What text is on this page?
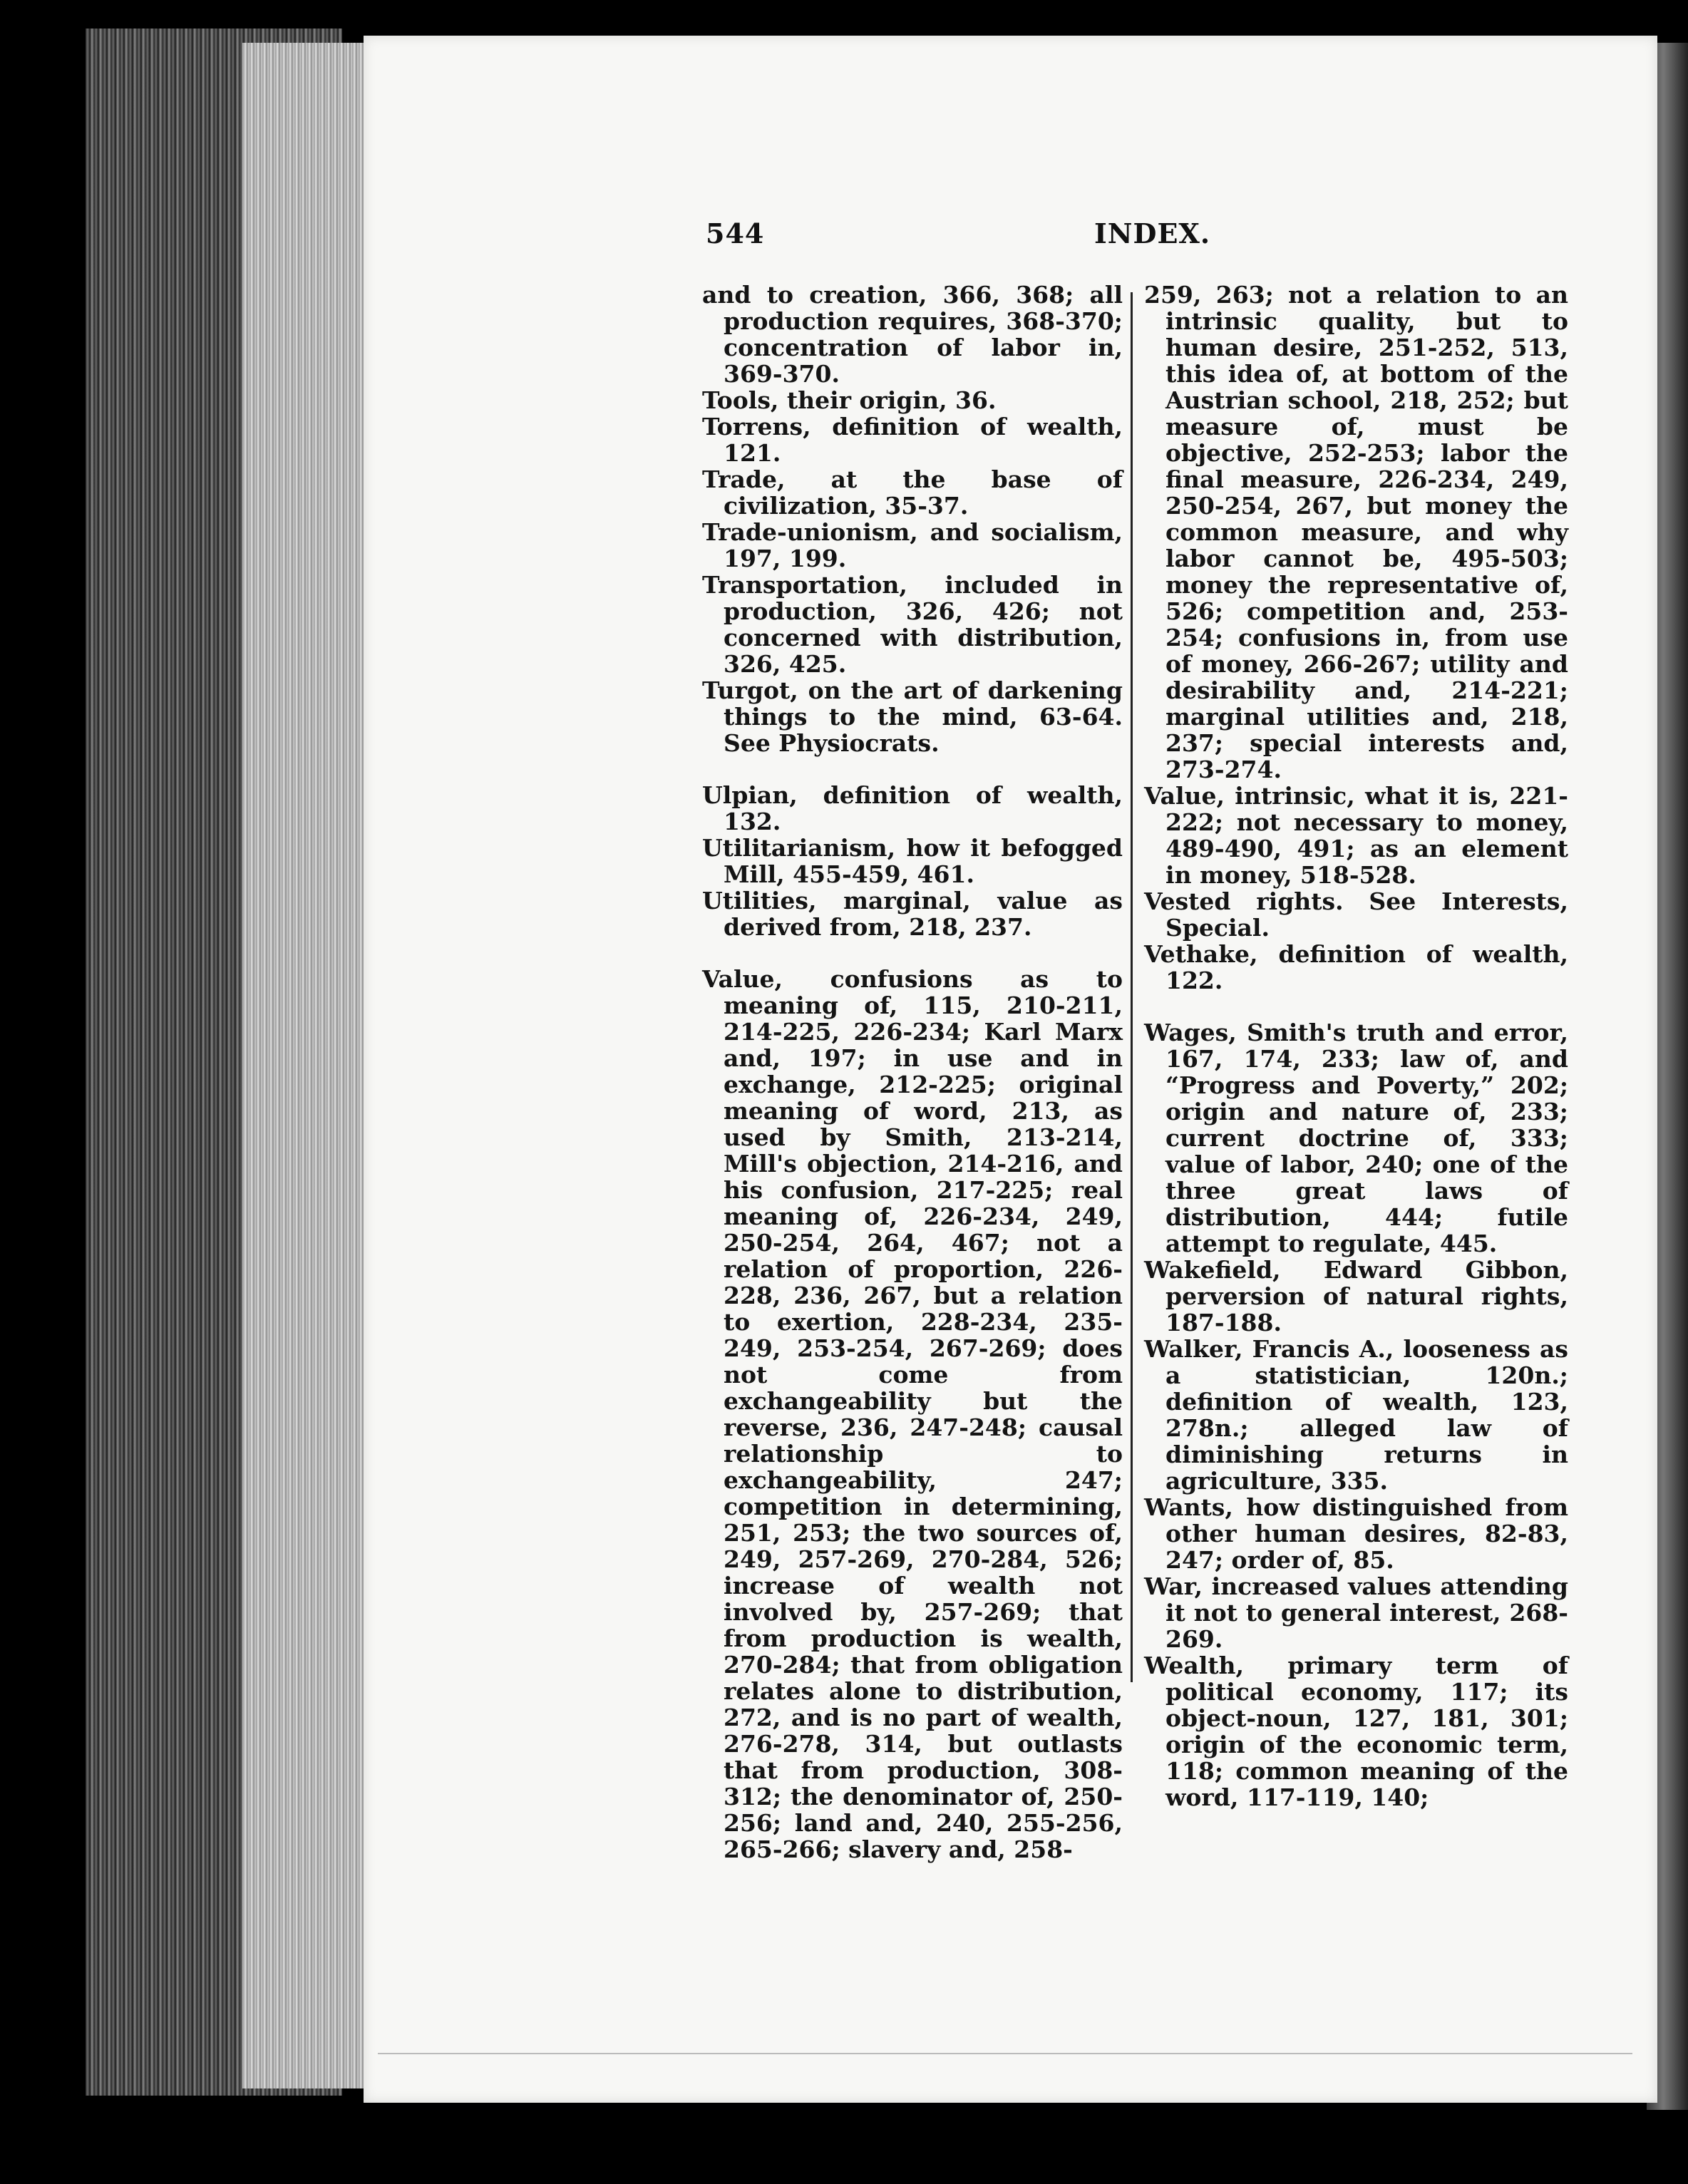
544	INDEX.

and to creation, 366, 368; all production requires, 368-370; concentration of labor in, 369-370.

Tools, their origin, 36.

Torrens, definition of wealth, 121.

Trade, at the base of civilization, 35-37.

Trade-unionism, and socialism, 197, 199.

Transportation, included in production, 326, 426; not concerned with distribution, 326, 425.

Turgot, on the art of darkening things to the mind, 63-64. See Physiocrats.

Ulpian, definition of wealth, 132.

Utilitarianism, how it befogged Mill, 455-459, 461.

Utilities, marginal, value as derived from, 218, 237.

Value, confusions as to meaning of, 115, 210-211, 214-225, 226-234; Karl Marx and, 197; in use and in exchange, 212-225; original meaning of word, 213, as used by Smith, 213-214, Mill's objection, 214-216, and his confusion, 217-225; real meaning of, 226-234, 249, 250-254, 264, 467; not a relation of proportion, 226-228, 236, 267, but a relation to exertion, 228-234, 235-249, 253-254, 267-269; does not come from exchangeability but the reverse, 236, 247-248; causal relationship to exchangeability, 247; competition in determining, 251, 253; the two sources of, 249, 257-269, 270-284, 526; increase of wealth not involved by, 257-269; that from production is wealth, 270-284; that from obligation relates alone to distribution, 272, and is no part of wealth, 276-278, 314, but outlasts that from production, 308-312; the denominator of, 250-256; land and, 240, 255-256, 265-266; slavery and, 258-

259, 263; not a relation to an intrinsic quality, but to human desire, 251-252, 513, this idea of, at bottom of the Austrian school, 218, 252; but measure of, must be objective, 252-253; labor the final measure, 226-234, 249, 250-254, 267, but money the common measure, and why labor cannot be, 495-503; money the representative of, 526; competition and, 253-254; confusions in, from use of money, 266-267; utility and desirability and, 214-221; marginal utilities and, 218, 237; special interests and, 273-274.

Value, intrinsic, what it is, 221-222; not necessary to money, 489-490, 491; as an element in money, 518-528.

Vested rights. See Interests, Special.

Vethake, definition of wealth, 122.

Wages, Smith's truth and error, 167, 174, 233; law of, and “Progress and Poverty,” 202; origin and nature of, 233; current doctrine of, 333; value of labor, 240; one of the three great laws of distribution, 444; futile attempt to regulate, 445.

Wakefield, Edward Gibbon, perversion of natural rights, 187-188.

Walker, Francis A., looseness as a statistician, 120n.; definition of wealth, 123, 278n.; alleged law of diminishing returns in agriculture, 335.

Wants, how distinguished from other human desires, 82-83, 247; order of, 85.

War, increased values attending it not to general interest, 268-269.

Wealth, primary term of political economy, 117; its object-noun, 127, 181, 301; origin of the economic term, 118; common meaning of the word, 117-119, 140;
